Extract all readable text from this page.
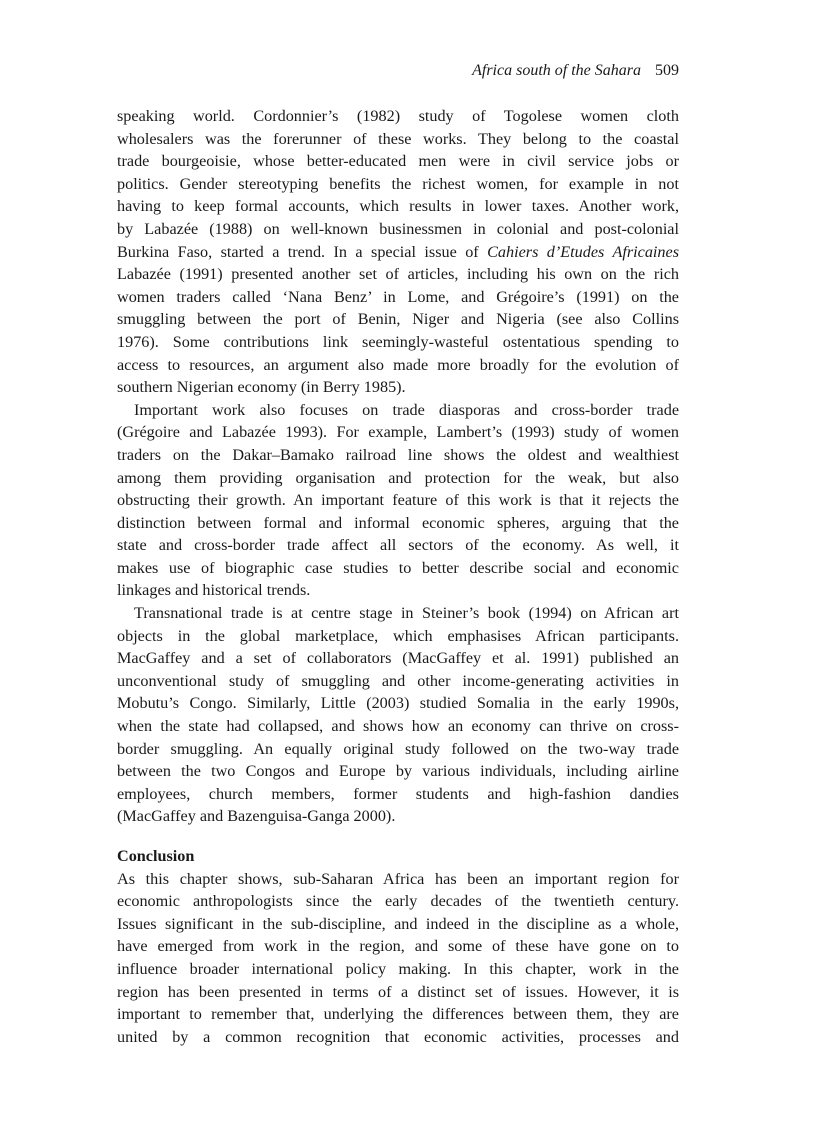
Africa south of the Sahara 509
speaking world. Cordonnier’s (1982) study of Togolese women cloth
wholesalers was the forerunner of these works. They belong to the coastal
trade bourgeoisie, whose better-educated men were in civil service jobs or
politics. Gender stereotyping benefits the richest women, for example in not
having to keep formal accounts, which results in lower taxes. Another work,
by Labazée (1988) on well-known businessmen in colonial and post-colonial
Burkina Faso, started a trend. In a special issue of Cahiers d’Etudes Africaines
Labazée (1991) presented another set of articles, including his own on the rich
women traders called ‘Nana Benz’ in Lome, and Grégoire’s (1991) on the
smuggling between the port of Benin, Niger and Nigeria (see also Collins
1976). Some contributions link seemingly-wasteful ostentatious spending to
access to resources, an argument also made more broadly for the evolution of
southern Nigerian economy (in Berry 1985).
Important work also focuses on trade diasporas and cross-border trade
(Grégoire and Labazée 1993). For example, Lambert’s (1993) study of women
traders on the Dakar–Bamako railroad line shows the oldest and wealthiest
among them providing organisation and protection for the weak, but also
obstructing their growth. An important feature of this work is that it rejects the
distinction between formal and informal economic spheres, arguing that the
state and cross-border trade affect all sectors of the economy. As well, it
makes use of biographic case studies to better describe social and economic
linkages and historical trends.
Transnational trade is at centre stage in Steiner’s book (1994) on African art
objects in the global marketplace, which emphasises African participants.
MacGaffey and a set of collaborators (MacGaffey et al. 1991) published an
unconventional study of smuggling and other income-generating activities in
Mobutu’s Congo. Similarly, Little (2003) studied Somalia in the early 1990s,
when the state had collapsed, and shows how an economy can thrive on cross-
border smuggling. An equally original study followed on the two-way trade
between the two Congos and Europe by various individuals, including airline
employees, church members, former students and high-fashion dandies
(MacGaffey and Bazenguisa-Ganga 2000).
Conclusion
As this chapter shows, sub-Saharan Africa has been an important region for
economic anthropologists since the early decades of the twentieth century.
Issues significant in the sub-discipline, and indeed in the discipline as a whole,
have emerged from work in the region, and some of these have gone on to
influence broader international policy making. In this chapter, work in the
region has been presented in terms of a distinct set of issues. However, it is
important to remember that, underlying the differences between them, they are
united by a common recognition that economic activities, processes and
